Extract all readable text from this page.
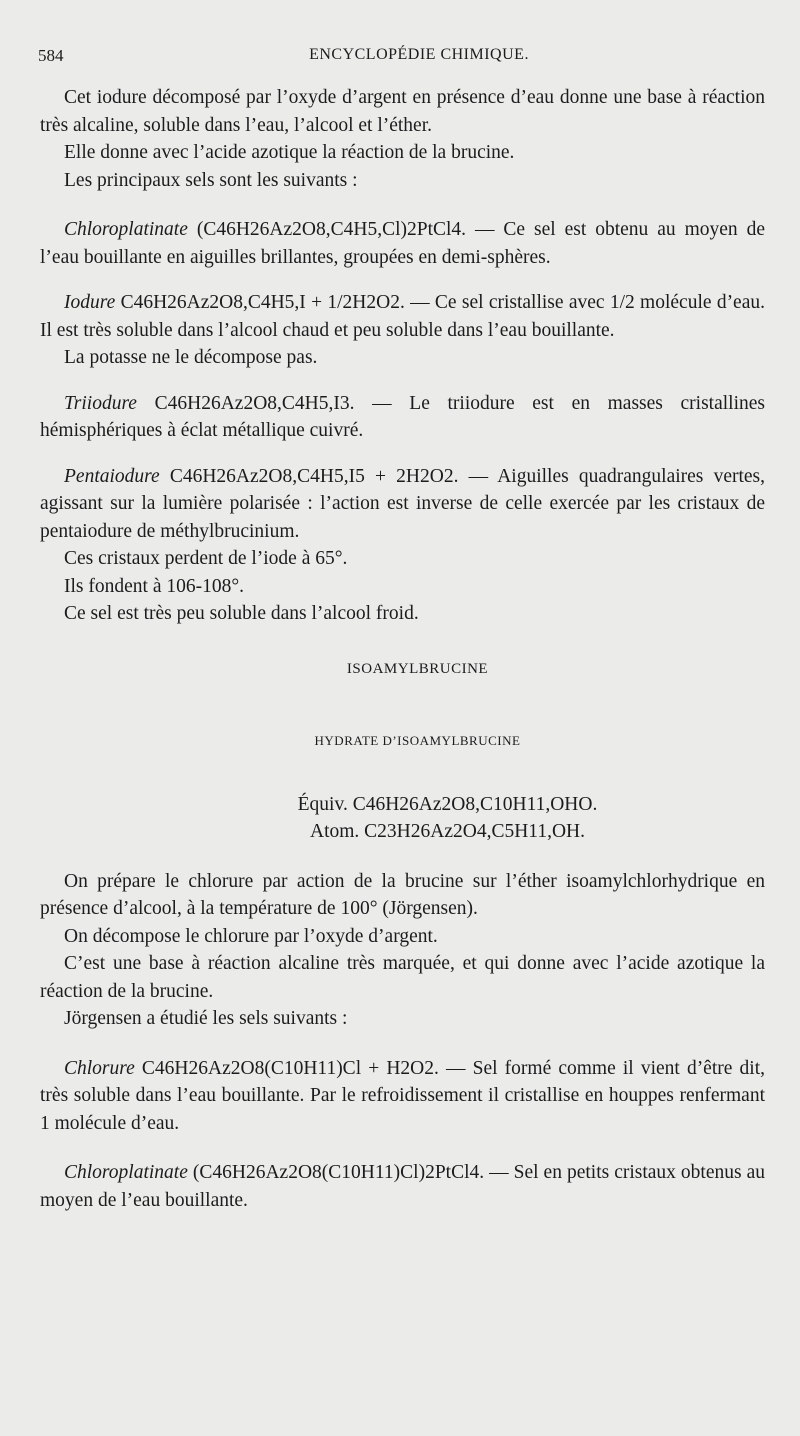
584	ENCYCLOPÉDIE CHIMIQUE.

Cet iodure décomposé par l’oxyde d’argent en présence d’eau donne une base à réaction très alcaline, soluble dans l’eau, l’alcool et l’éther.

Elle donne avec l’acide azotique la réaction de la brucine.

Les principaux sels sont les suivants :

Chloroplatinate (C46H26Az2O8,C4H5,Cl)2PtCl4. — Ce sel est obtenu au moyen de l’eau bouillante en aiguilles brillantes, groupées en demi-sphères.

Iodure C46H26Az2O8,C4H5,I + 1/2H2O2. — Ce sel cristallise avec 1/2 molécule d’eau. Il est très soluble dans l’alcool chaud et peu soluble dans l’eau bouillante.

La potasse ne le décompose pas.

Triiodure C46H26Az2O8,C4H5,I3. — Le triiodure est en masses cristallines hémisphériques à éclat métallique cuivré.

Pentaiodure C46H26Az2O8,C4H5,I5 + 2H2O2. — Aiguilles quadrangulaires vertes, agissant sur la lumière polarisée : l’action est inverse de celle exercée par les cristaux de pentaiodure de méthylbrucinium.

Ces cristaux perdent de l’iode à 65°.

Ils fondent à 106-108°.

Ce sel est très peu soluble dans l’alcool froid.

ISOAMYLBRUCINE
HYDRATE D’ISOAMYLBRUCINE

Équiv. C46H26Az2O8,C10H11,OHO.

Atom. C23H26Az2O4,C5H11,OH.

On prépare le chlorure par action de la brucine sur l’éther isoamylchlorhydrique en présence d’alcool, à la température de 100° (Jörgensen).

On décompose le chlorure par l’oxyde d’argent.

C’est une base à réaction alcaline très marquée, et qui donne avec l’acide azotique la réaction de la brucine.

Jörgensen a étudié les sels suivants :

Chlorure C46H26Az2O8(C10H11)Cl + H2O2. — Sel formé comme il vient d’être dit, très soluble dans l’eau bouillante. Par le refroidissement il cristallise en houppes renfermant 1 molécule d’eau.

Chloroplatinate (C46H26Az2O8(C10H11)Cl)2PtCl4. — Sel en petits cristaux obtenus au moyen de l’eau bouillante.
